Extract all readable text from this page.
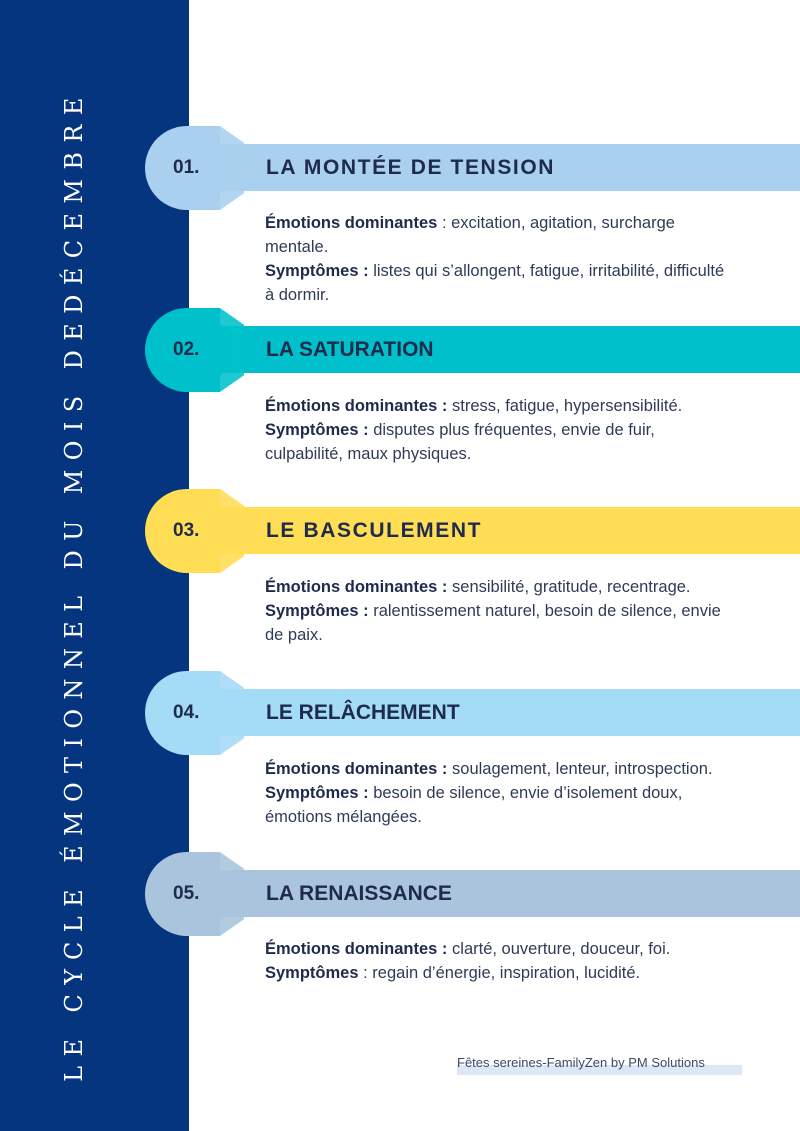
LE CYCLE ÉMOTIONNEL DU MOIS DEDÉCEMBRE	01.	LA MONTÉE DE TENSION
Émotions dominantes : excitation, agitation, surcharge mentale.
Symptômes : listes qui s’allongent, fatigue, irritabilité, difficulté à dormir.
02.	LA SATURATION
Émotions dominantes : stress, fatigue, hypersensibilité.
Symptômes : disputes plus fréquentes, envie de fuir, culpabilité, maux physiques.
03.	LE BASCULEMENT
Émotions dominantes : sensibilité, gratitude, recentrage.
Symptômes : ralentissement naturel, besoin de silence, envie de paix.
04.	LE RELÂCHEMENT
Émotions dominantes : soulagement, lenteur, introspection.
Symptômes : besoin de silence, envie d’isolement doux, émotions mélangées.
05.	LA RENAISSANCE
Émotions dominantes : clarté, ouverture, douceur, foi.
Symptômes : regain d’énergie, inspiration, lucidité.
Fêtes sereines-FamilyZen by PM Solutions
